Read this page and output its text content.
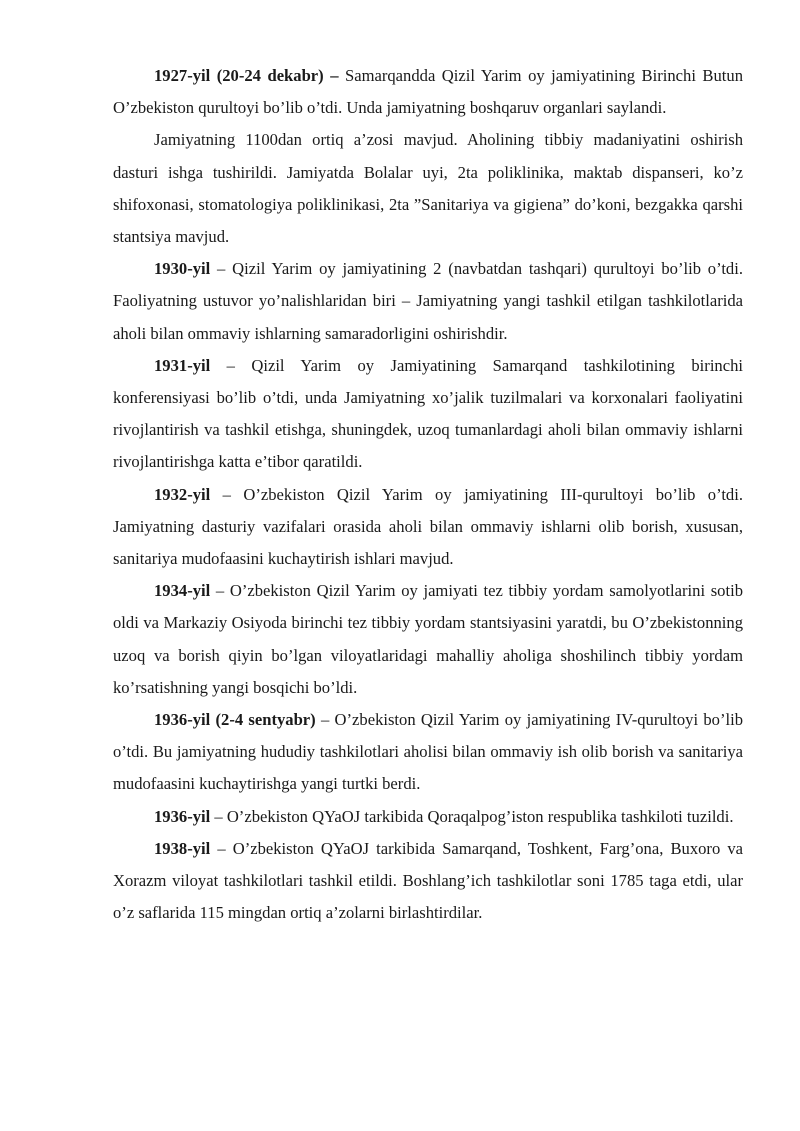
1927-yil (20-24 dekabr) – Samarqandda Qizil Yarim oy jamiyatining Birinchi Butun O’zbekiston qurultoyi bo’lib o’tdi. Unda jamiyatning boshqaruv organlari saylandi.

Jamiyatning 1100dan ortiq a’zosi mavjud. Aholining tibbiy madaniyatini oshirish dasturi ishga tushirildi. Jamiyatda Bolalar uyi, 2ta poliklinika, maktab dispanseri, ko’z shifoxonasi, stomatologiya poliklinikasi, 2ta ”Sanitariya va gigiena” do’koni, bezgakka qarshi stantsiya mavjud.

1930-yil – Qizil Yarim oy jamiyatining 2 (navbatdan tashqari) qurultoyi bo’lib o’tdi. Faoliyatning ustuvor yo’nalishlaridan biri – Jamiyatning yangi tashkil etilgan tashkilotlarida aholi bilan ommaviy ishlarning samaradorligini oshirishdir.

1931-yil – Qizil Yarim oy Jamiyatining Samarqand tashkilotining birinchi konferensiyasi bo’lib o’tdi, unda Jamiyatning xo’jalik tuzilmalari va korxonalari faoliyatini rivojlantirish va tashkil etishga, shuningdek, uzoq tumanlardagi aholi bilan ommaviy ishlarni rivojlantirishga katta e’tibor qaratildi.

1932-yil – O’zbekiston Qizil Yarim oy jamiyatining III-qurultoyi bo’lib o’tdi. Jamiyatning dasturiy vazifalari orasida aholi bilan ommaviy ishlarni olib borish, xususan, sanitariya mudofaasini kuchaytirish ishlari mavjud.

1934-yil – O’zbekiston Qizil Yarim oy jamiyati tez tibbiy yordam samolyotlarini sotib oldi va Markaziy Osiyoda birinchi tez tibbiy yordam stantsiyasini yaratdi, bu O’zbekistonning uzoq va borish qiyin bo’lgan viloyatlaridagi mahalliy aholiga shoshilinch tibbiy yordam ko’rsatishning yangi bosqichi bo’ldi.

1936-yil (2-4 sentyabr) – O’zbekiston Qizil Yarim oy jamiyatining IV-qurultoyi bo’lib o’tdi. Bu jamiyatning hududiy tashkilotlari aholisi bilan ommaviy ish olib borish va sanitariya mudofaasini kuchaytirishga yangi turtki berdi.

1936-yil – O’zbekiston QYaOJ tarkibida Qoraqalpog’iston respublika tashkiloti tuzildi.

1938-yil – O’zbekiston QYaOJ tarkibida Samarqand, Toshkent, Farg’ona, Buxoro va Xorazm viloyat tashkilotlari tashkil etildi. Boshlang’ich tashkilotlar soni 1785 taga etdi, ular o’z saflarida 115 mingdan ortiq a’zolarni birlashtirdilar.
